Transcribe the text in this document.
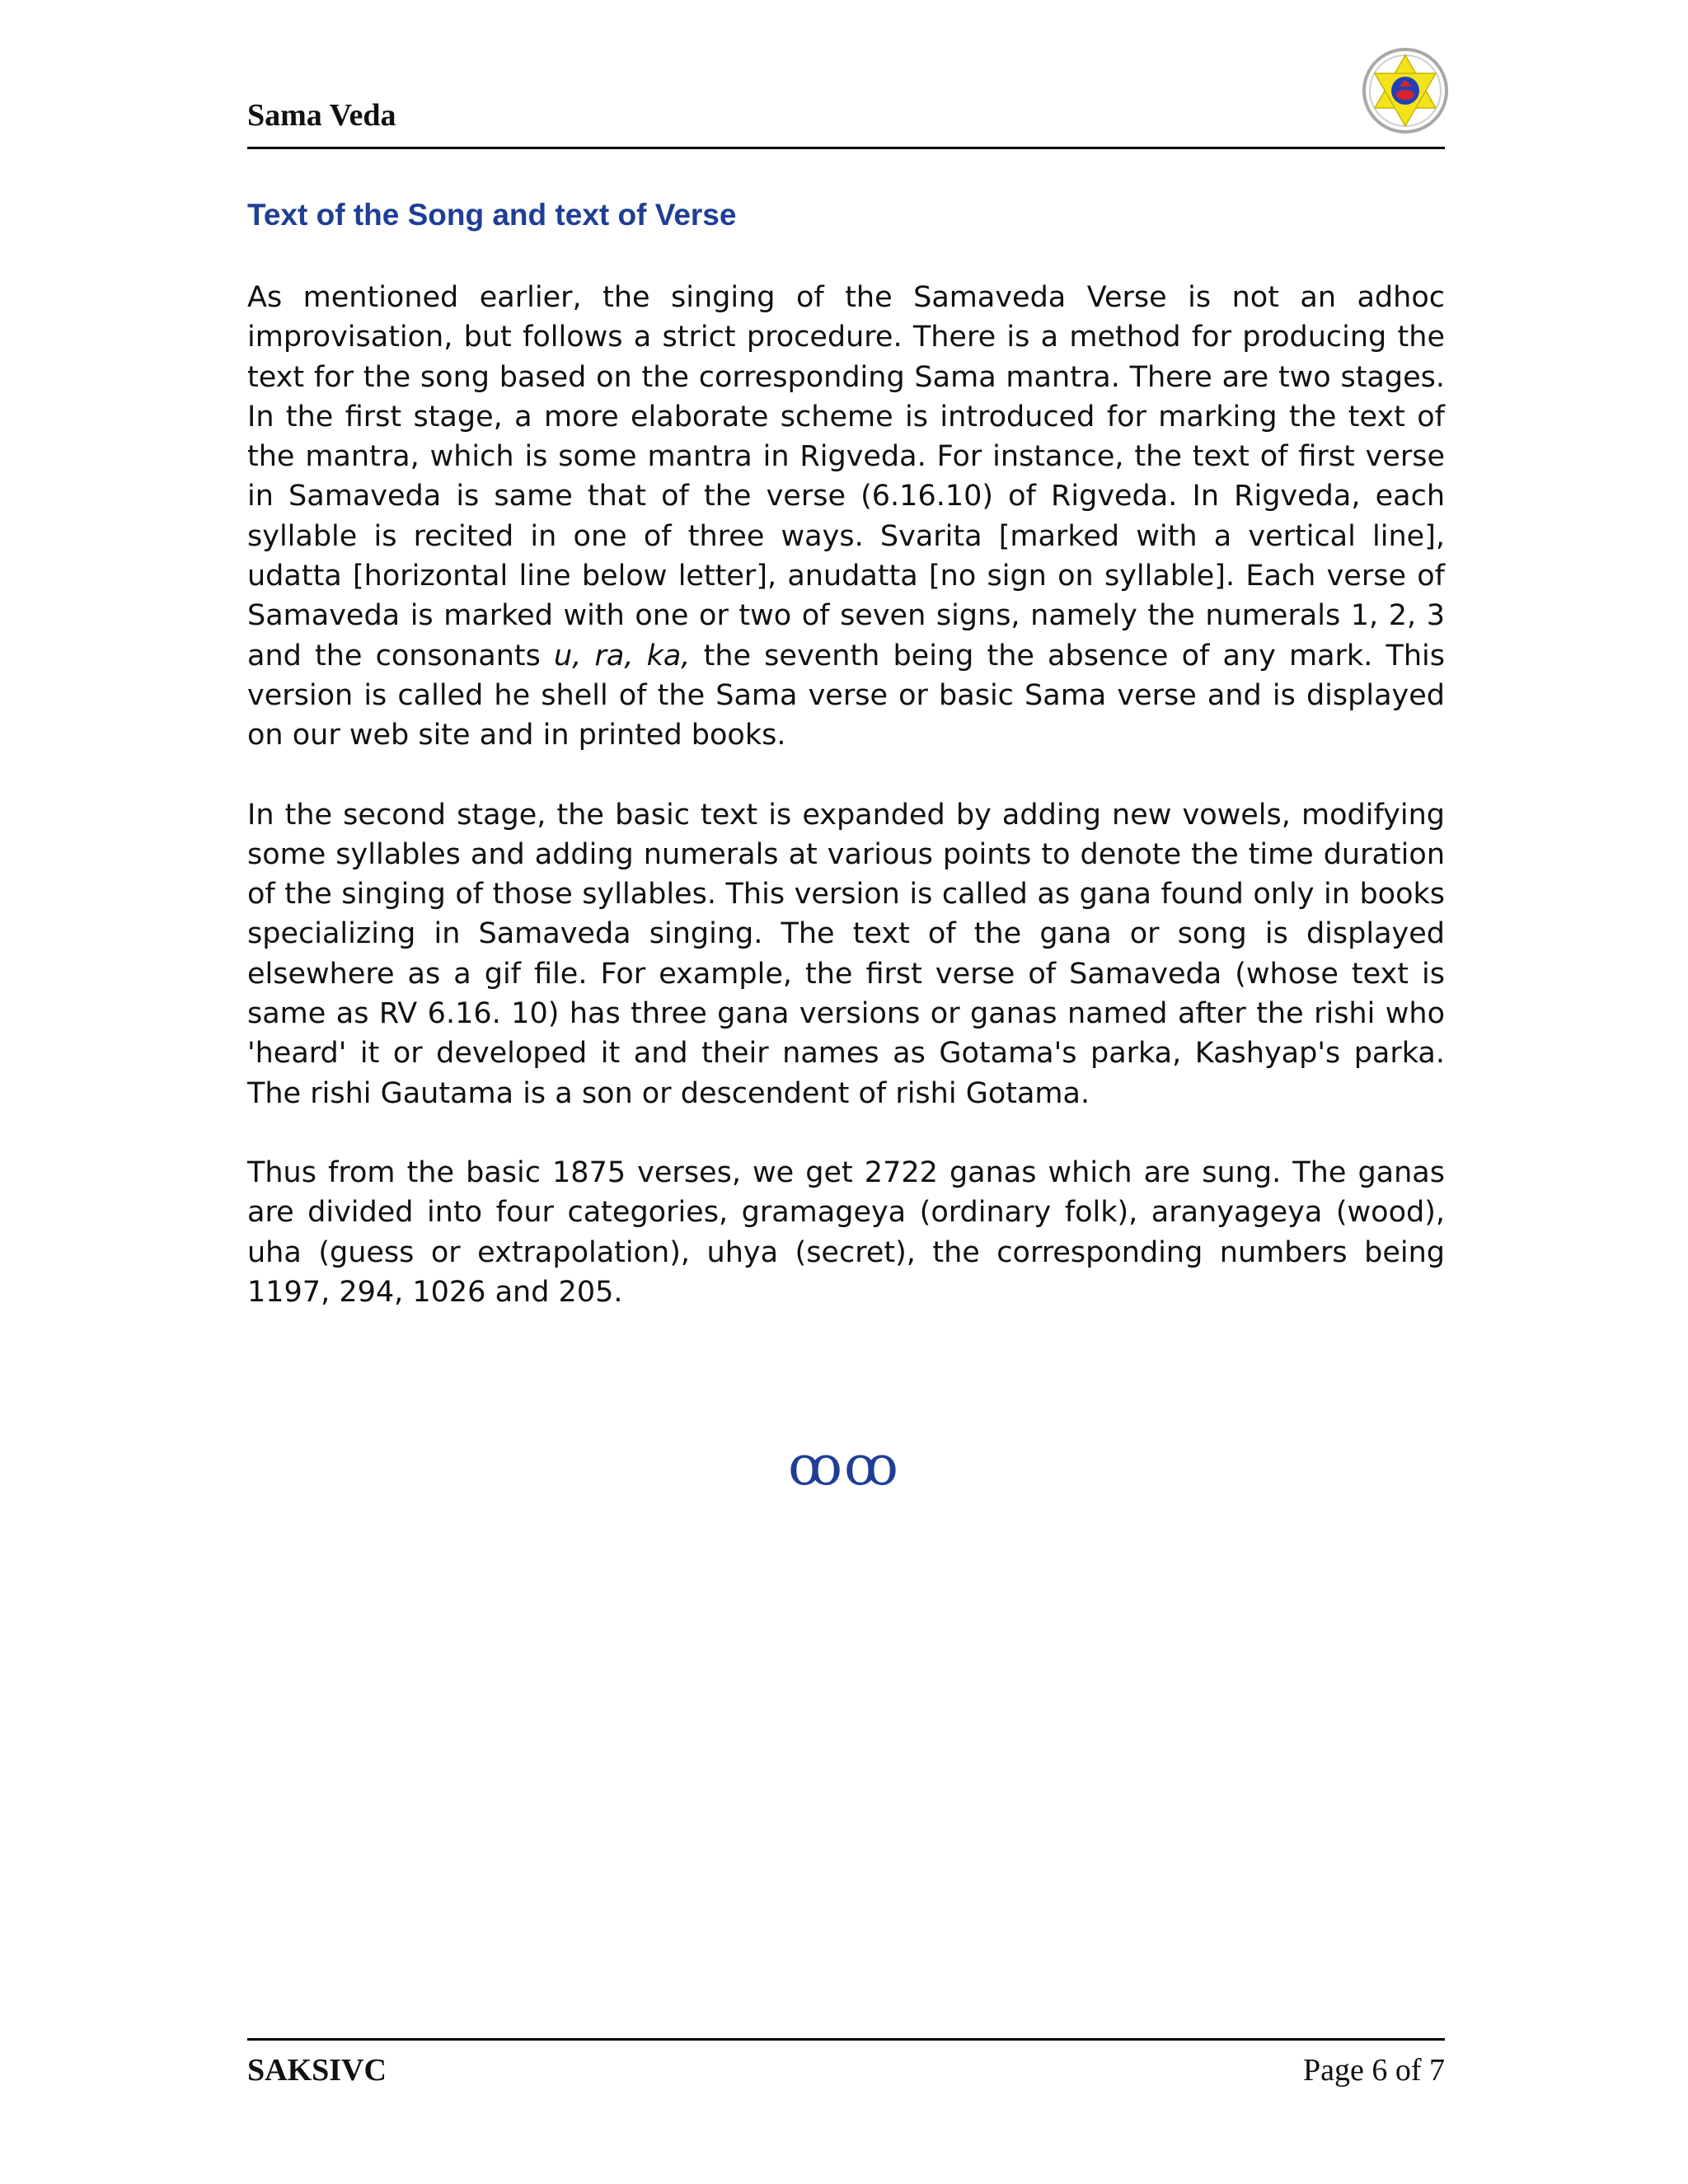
Sama Veda
Text of the Song and text of Verse

As mentioned earlier, the singing of the Samaveda Verse is not an adhoc improvisation, but follows a strict procedure. There is a method for producing the text for the song based on the corresponding Sama mantra. There are two stages. In the first stage, a more elaborate scheme is introduced for marking the text of the mantra, which is some mantra in Rigveda. For instance, the text of first verse in Samaveda is same that of the verse (6.16.10) of Rigveda. In Rigveda, each syllable is recited in one of three ways. Svarita [marked with a vertical line], udatta [horizontal line below letter], anudatta [no sign on syllable]. Each verse of Samaveda is marked with one or two of seven signs, namely the numerals 1, 2, 3 and the consonants u, ra, ka, the seventh being the absence of any mark. This version is called he shell of the Sama verse or basic Sama verse and is displayed on our web site and in printed books.

In the second stage, the basic text is expanded by adding new vowels, modifying some syllables and adding numerals at various points to denote the time duration of the singing of those syllables. This version is called as gana found only in books specializing in Samaveda singing. The text of the gana or song is displayed elsewhere as a gif file. For example, the first verse of Samaveda (whose text is same as RV 6.16. 10) has three gana versions or ganas named after the rishi who 'heard' it or developed it and their names as Gotama's parka, Kashyap's parka. The rishi Gautama is a son or descendent of rishi Gotama.

Thus from the basic 1875 verses, we get 2722 ganas which are sung. The ganas are divided into four categories, gramageya (ordinary folk), aranyageya (wood), uha (guess or extrapolation), uhya (secret), the corresponding numbers being 1197, 294, 1026 and 205.

ꝏꝏ
SAKSIVC	Page 6 of 7
